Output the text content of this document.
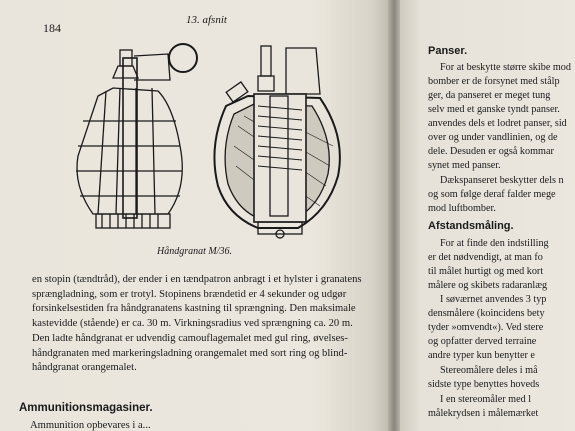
184
13. afsnit
Håndgranat M/36.
en stopin (tændtråd), der ender i en tændpatron anbragt i et hylster i granatens
sprængladning, som er trotyl. Stopinens brændetid er 4 sekunder og udgør
forsinkelsestiden fra håndgranatens kastning til sprængning. Den maksimale
kastevidde (stående) er ca. 30 m. Virkningsradius ved sprængning ca. 20 m.
Den ladte håndgranat er udvendig camouflagemalet med gul ring, øvelses-
håndgranaten med markeringsladning orangemalet med sort ring og blind-
håndgranat orangemalet.
Ammunitionsmagasiner.
Ammunition opbevares i a...
Panser.
For at beskytte større skibe mod
bomber er de forsynet med stålp
ger, da panseret er meget tung
selv med et ganske tyndt panser.
anvendes dels et lodret panser, sid
over og under vandlinien, og de
dele. Desuden er også kommar
synet med panser.
Dækspanseret beskytter dels n
og som følge deraf falder mege
mod luftbomber.
Afstandsmåling.
For at finde den indstilling
er det nødvendigt, at man fo
til målet hurtigt og med kort
målere og skibets radaranlæg
I søværnet anvendes 3 typ
densmålere (koincidens bety
tyder »omvendt«). Ved stere
og opfatter derved terraine
andre typer kun benytter e
Stereomålere deles i må
sidste type benyttes hoveds
I en stereomåler med l
målekrydsen i målemærket
